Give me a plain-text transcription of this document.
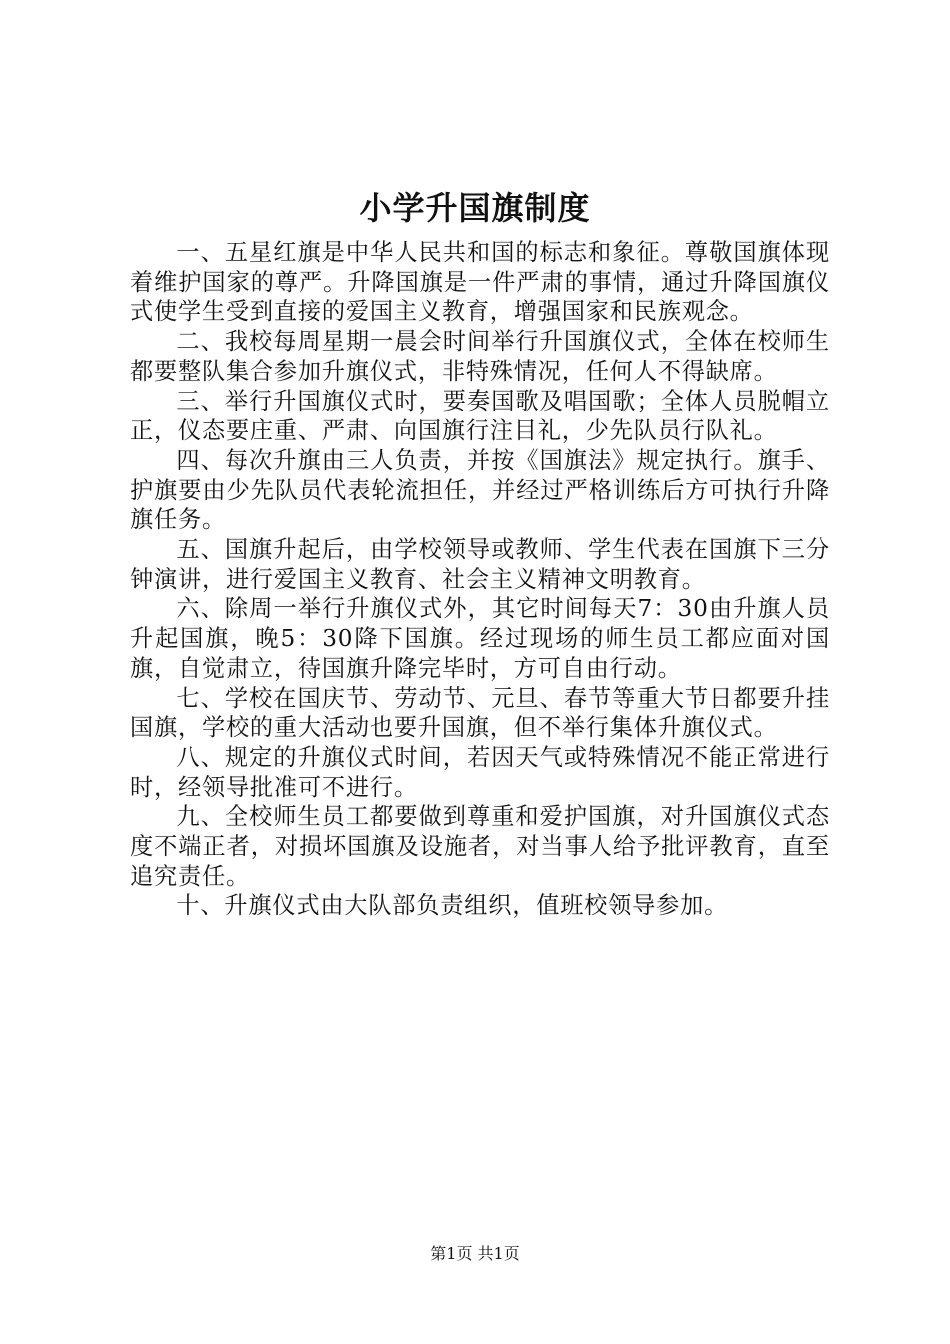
小学升国旗制度

一、五星红旗是中华人民共和国的标志和象征。尊敬国旗体现着维护国家的尊严。升降国旗是一件严肃的事情，通过升降国旗仪式使学生受到直接的爱国主义教育，增强国家和民族观念。

二、我校每周星期一晨会时间举行升国旗仪式，全体在校师生都要整队集合参加升旗仪式，非特殊情况，任何人不得缺席。

三、举行升国旗仪式时，要奏国歌及唱国歌；全体人员脱帽立正，仪态要庄重、严肃、向国旗行注目礼，少先队员行队礼。

四、每次升旗由三人负责，并按《国旗法》规定执行。旗手、护旗要由少先队员代表轮流担任，并经过严格训练后方可执行升降旗任务。

五、国旗升起后，由学校领导或教师、学生代表在国旗下三分钟演讲，进行爱国主义教育、社会主义精神文明教育。

六、除周一举行升旗仪式外，其它时间每天7：30由升旗人员升起国旗，晚5：30降下国旗。经过现场的师生员工都应面对国旗，自觉肃立，待国旗升降完毕时，方可自由行动。

七、学校在国庆节、劳动节、元旦、春节等重大节日都要升挂国旗，学校的重大活动也要升国旗，但不举行集体升旗仪式。

八、规定的升旗仪式时间，若因天气或特殊情况不能正常进行时，经领导批准可不进行。

九、全校师生员工都要做到尊重和爱护国旗，对升国旗仪式态度不端正者，对损坏国旗及设施者，对当事人给予批评教育，直至追究责任。

十、升旗仪式由大队部负责组织，值班校领导参加。

第1页 共1页
